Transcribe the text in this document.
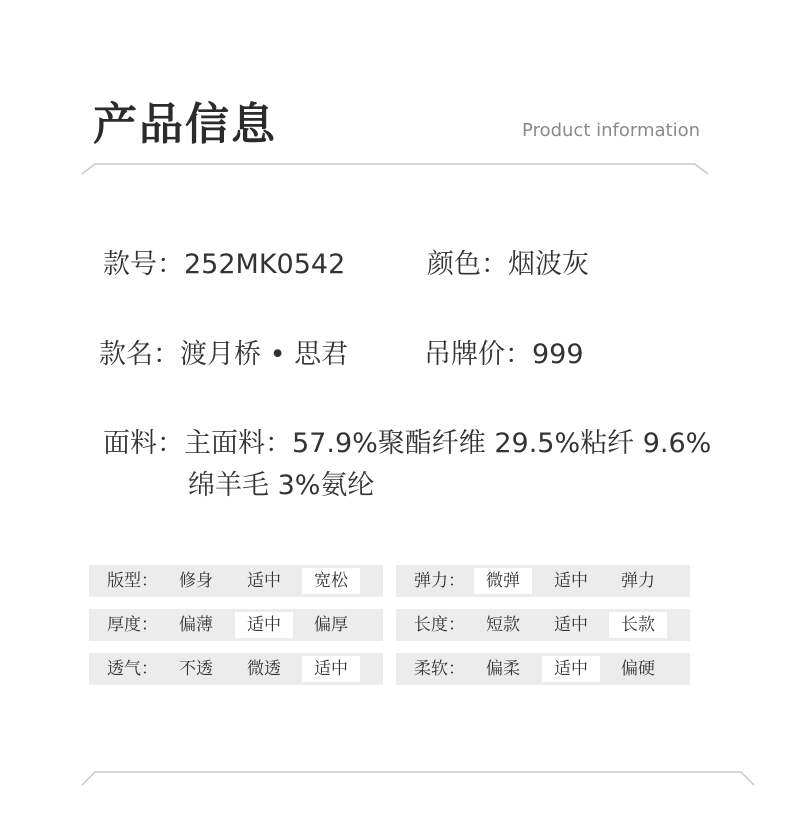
产品信息	Product information
款号：252MK0542	颜色：烟波灰
款名：渡月桥 • 思君	吊牌价：999
面料：主面料：57.9%聚酯纤维 29.5%粘纤 9.6%
绵羊毛 3%氨纶
版型：	修身	适中	宽松
厚度：	偏薄	适中	偏厚
透气：	不透	微透	适中
弹力：	微弹	适中	弹力
长度：	短款	适中	长款
柔软：	偏柔	适中	偏硬
